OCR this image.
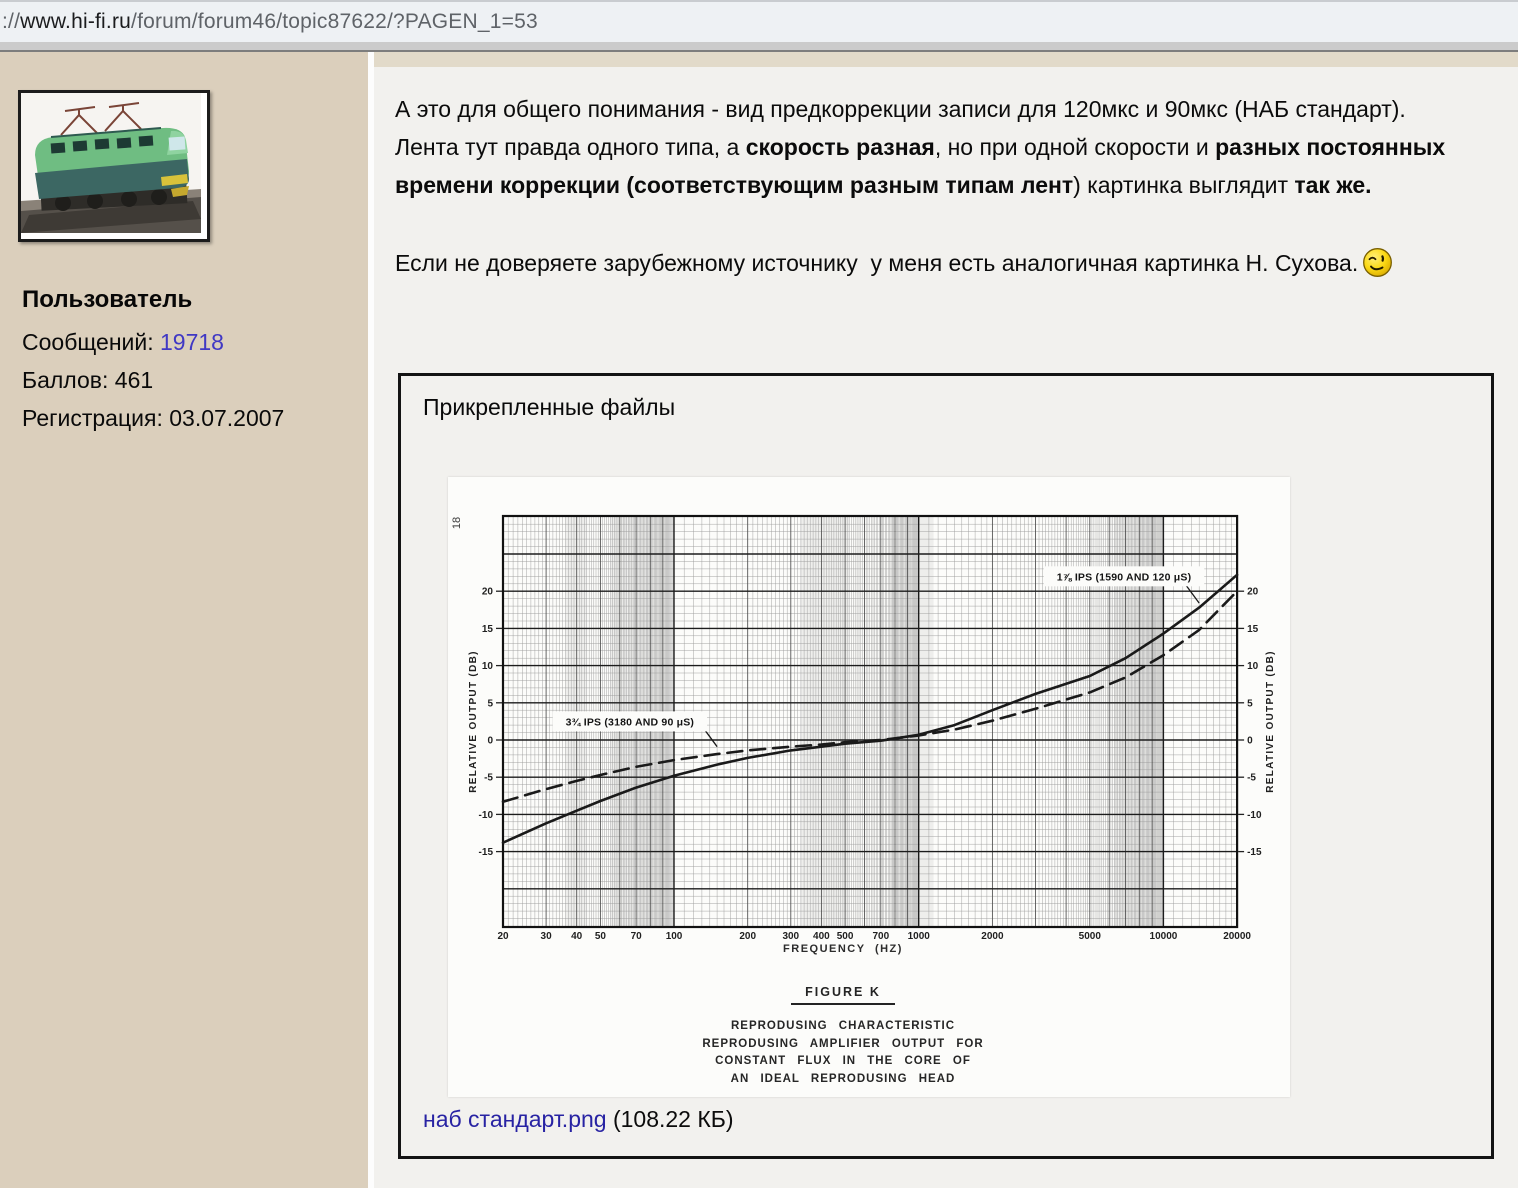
://www.hi-fi.ru/forum/forum46/topic87622/?PAGEN_1=53
Пользователь
Сообщений: 19718
Баллов: 461
Регистрация: 03.07.2007
А это для общего понимания - вид предкоррекции записи для 120мкс и 90мкс (НАБ стандарт). Лента тут правда одного типа, а скорость разная, но при одной скорости и разных постоянных времени коррекции (соответствующим разным типам лент) картинка выглядит так же.
Если не доверяете зарубежному источнику  у меня есть аналогичная картинка Н. Сухова.
Прикрепленные файлы
1⅞ IPS (1590 AND 120 μS)
3¾ IPS (3180 AND 90 μS)
20	30 40 50 70 100	200	300 400 500 700 1000	2000	5000	10000	20000
20	20
15	15
10	10
5	5
0	0
-5	-5
-10	-10
-15	-15
RELATIVE OUTPUT (DB)	RELATIVE OUTPUT (DB)
18
FREQUENCY (HZ)
FIGURE K
REPRODUSING CHARACTERISTIC
REPRODUSING AMPLIFIER OUTPUT FOR
CONSTANT FLUX IN THE CORE OF
AN IDEAL REPRODUSING HEAD
наб стандарт.png (108.22 КБ)
